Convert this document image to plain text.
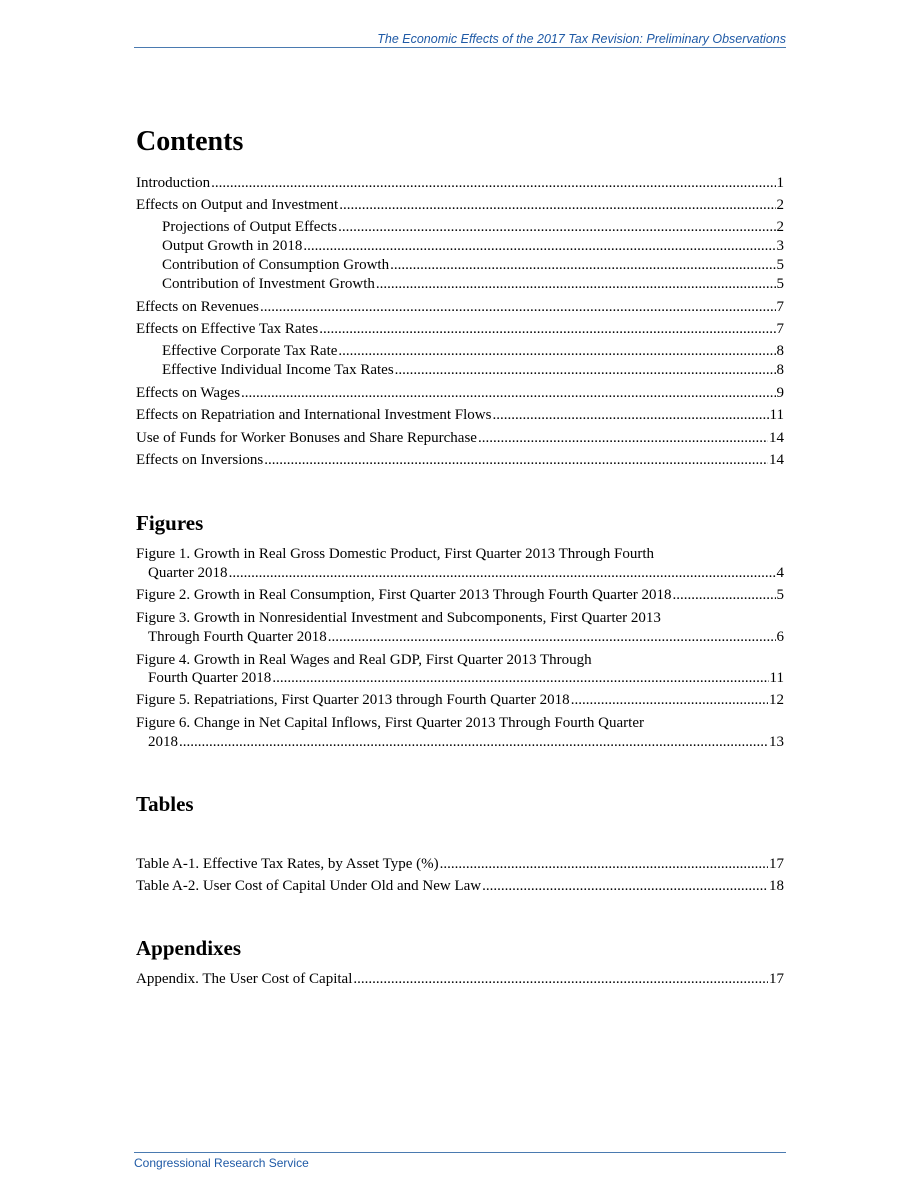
The Economic Effects of the 2017 Tax Revision: Preliminary Observations
Contents
Introduction .....	1
Effects on Output and Investment .....	2
Projections of Output Effects .....	2
Output Growth in 2018 .....	3
Contribution of Consumption Growth .....	5
Contribution of Investment Growth .....	5
Effects on Revenues .....	7
Effects on Effective Tax Rates .....	7
Effective Corporate Tax Rate .....	8
Effective Individual Income Tax Rates .....	8
Effects on Wages .....	9
Effects on Repatriation and International Investment Flows .....	11
Use of Funds for Worker Bonuses and Share Repurchase .....	14
Effects on Inversions .....	14
Figures
Figure 1. Growth in Real Gross Domestic Product, First Quarter 2013 Through Fourth
Quarter 2018 .....	4
Figure 2. Growth in Real Consumption, First Quarter 2013 Through Fourth Quarter 2018 .....	5
Figure 3. Growth in Nonresidential Investment and Subcomponents, First Quarter 2013
Through Fourth Quarter 2018 .....	6
Figure 4. Growth in Real Wages and Real GDP, First Quarter 2013 Through
Fourth Quarter 2018 .....	11
Figure 5. Repatriations, First Quarter 2013 through Fourth Quarter 2018 .....	12
Figure 6. Change in Net Capital Inflows, First Quarter 2013 Through Fourth Quarter
2018 .....	13
Tables
Table A-1. Effective Tax Rates, by Asset Type (%) .....	17
Table A-2. User Cost of Capital Under Old and New Law .....	18
Appendixes
Appendix. The User Cost of Capital .....	17
Congressional Research Service
